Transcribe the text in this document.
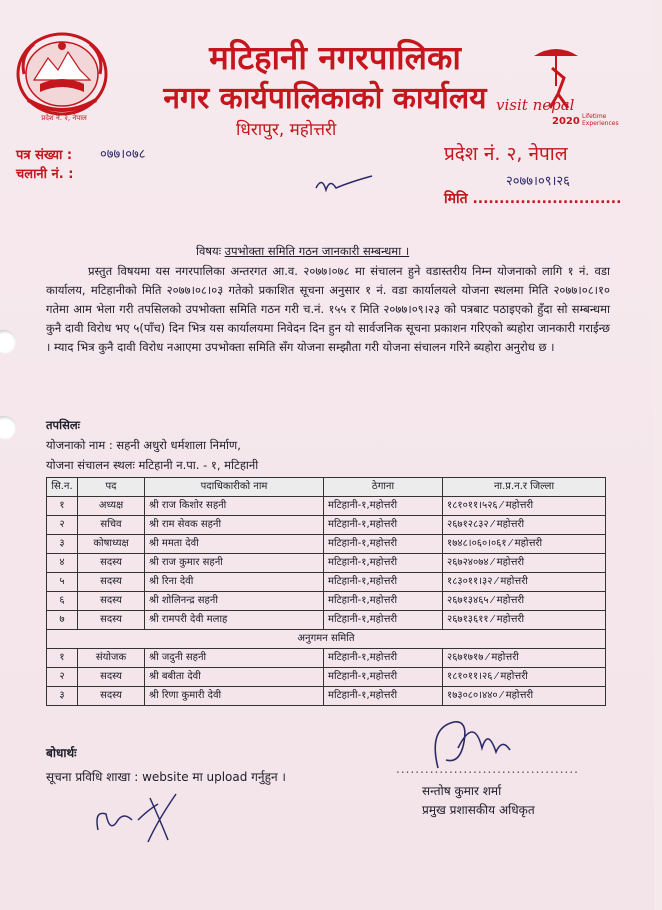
प्रदेश नं. २, नेपाल
मटिहानी नगरपालिका
नगर कार्यपालिकाको कार्यालय
धिरापुर, महोत्तरी
visit nepal
2020 Lifetime
Experiences
पत्र संख्या : ०७७।०७८
चलानी नं. :
प्रदेश नं. २, नेपाल
२०७७।०९।२६
मिति ............................
विषयः उपभोक्ता समिति गठन जानकारी सम्बन्धमा ।

प्रस्तुत विषयमा यस नगरपालिका अन्तरगत आ.व. २०७७।०७८ मा संचालन हुने वडास्तरीय निम्न योजनाको लागि १ नं. वडा कार्यालय, मटिहानीको मिति २०७७।०८।०३ गतेको प्रकाशित सूचना अनुसार १ नं. वडा कार्यालयले योजना स्थलमा मिति २०७७।०८।१० गतेमा आम भेला गरी तपसिलको उपभोक्ता समिति गठन गरी च.नं. १५५ र मिति २०७७।०९।२३ को पत्रबाट पठाइएको हुँदा सो सम्बन्धमा कुनै दावी विरोध भए ५(पाँच) दिन भित्र यस कार्यालयमा निवेदन दिन हुन यो सार्वजनिक सूचना प्रकाशन गरिएको ब्यहोरा जानकारी गराईन्छ । म्याद भित्र कुनै दावी विरोध नआएमा उपभोक्ता समिति सँग योजना सम्झौता गरी योजना संचालन गरिने ब्यहोरा अनुरोध छ ।

तपसिलः
योजनाको नाम : सहनी अधुरो धर्मशाला निर्माण,
योजना संचालन स्थलः मटिहानी न.पा. - १, मटिहानी
सि.न.	पद	पदाधिकारीको नाम	ठेगाना	ना.प्र.न.र जिल्ला
१	अध्यक्ष	श्री राज किशोर सहनी	मटिहानी-१,महोत्तरी	१८१०११।५२६ ⁄ महोत्तरी
२	सचिव	श्री राम सेवक सहनी	मटिहानी-१,महोत्तरी	२६७१२८३२ ⁄ महोत्तरी
३	कोषाध्यक्ष	श्री ममता देवी	मटिहानी-१,महोत्तरी	१७४८।०६०।०६१ ⁄ महोत्तरी
४	सदस्य	श्री राज कुमार सहनी	मटिहानी-१,महोत्तरी	२६७२४०७४ ⁄ महोत्तरी
५	सदस्य	श्री रिना देवी	मटिहानी-१,महोत्तरी	१८३०११।३२ ⁄ महोत्तरी
६	सदस्य	श्री शोलिनन्द्र सहनी	मटिहानी-१,महोत्तरी	२६७१३४६५ ⁄ महोत्तरी
७	सदस्य	श्री रामपरी देवी मलाह	मटिहानी-१,महोत्तरी	२६७१३६११ ⁄ महोत्तरी
अनुगमन समिति				
१	संयोजक	श्री जदुनी सहनी	मटिहानी-१,महोत्तरी	२६७१७१७ ⁄ महोत्तरी
२	सदस्य	श्री बबीता देवी	मटिहानी-१,महोत्तरी	१८१०११।२६ ⁄ महोत्तरी
३	सदस्य	श्री रिणा कुमारी देवी	मटिहानी-१,महोत्तरी	१७३०८०।४४० ⁄ महोत्तरी
बोधार्थः
सूचना प्रविधि शाखा : website मा upload गर्नुहुन ।
......................................
सन्तोष कुमार शर्मा
प्रमुख प्रशासकीय अधिकृत
